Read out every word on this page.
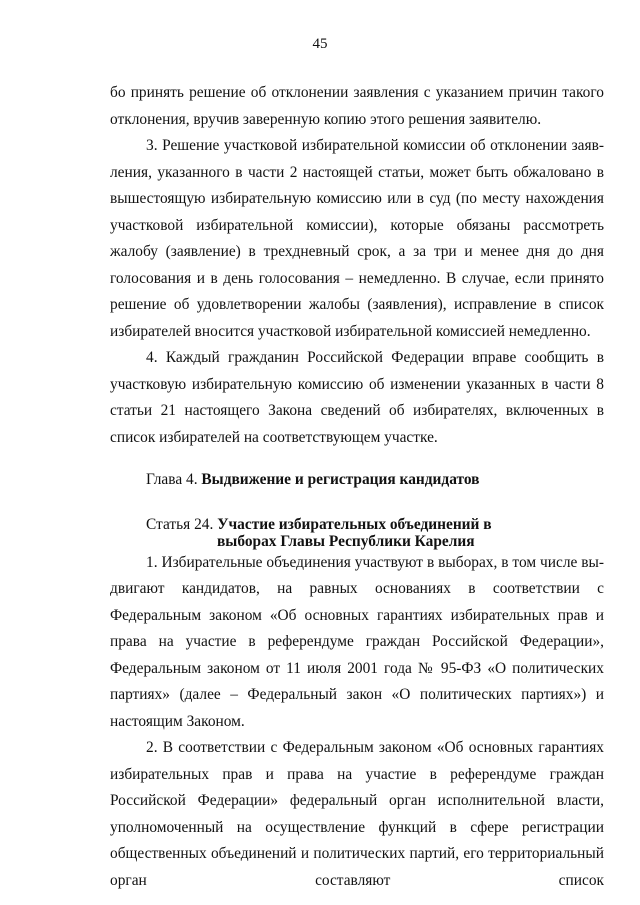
45

бо принять решение об отклонении заявления с указанием причин такого отклонения, вручив заверенную копию этого решения заявителю.

3. Решение участковой избирательной комиссии об отклонении заявления, указанного в части 2 настоящей статьи, может быть обжаловано в вышестоящую избирательную комиссию или в суд (по месту нахождения участковой избирательной комиссии), которые обязаны рассмотреть жалобу (заявление) в трехдневный срок, а за три и менее дня до дня голосования и в день голосования – немедленно. В случае, если принято решение об удовлетворении жалобы (заявления), исправление в список избирателей вносится участковой избирательной комиссией немедленно.

4. Каждый гражданин Российской Федерации вправе сообщить в участковую избирательную комиссию об изменении указанных в части 8 статьи 21 настоящего Закона сведений об избирателях, включенных в список избирателей на соответствующем участке.

Глава 4. Выдвижение и регистрация кандидатов

Статья 24. Участие избирательных объединений в
выборах Главы Республики Карелия

1. Избирательные объединения участвуют в выборах, в том числе выдвигают кандидатов, на равных основаниях в соответствии с Федеральным законом «Об основных гарантиях избирательных прав и права на участие в референдуме граждан Российской Федерации», Федеральным законом от 11 июля 2001 года № 95-ФЗ «О политических партиях» (далее – Федеральный закон «О политических партиях») и настоящим Законом.

2. В соответствии с Федеральным законом «Об основных гарантиях избирательных прав и права на участие в референдуме граждан Российской Федерации» федеральный орган исполнительной власти, уполномоченный на осуществление функций в сфере регистрации общественных объединений и политических партий, его территориальный орган составляют список
